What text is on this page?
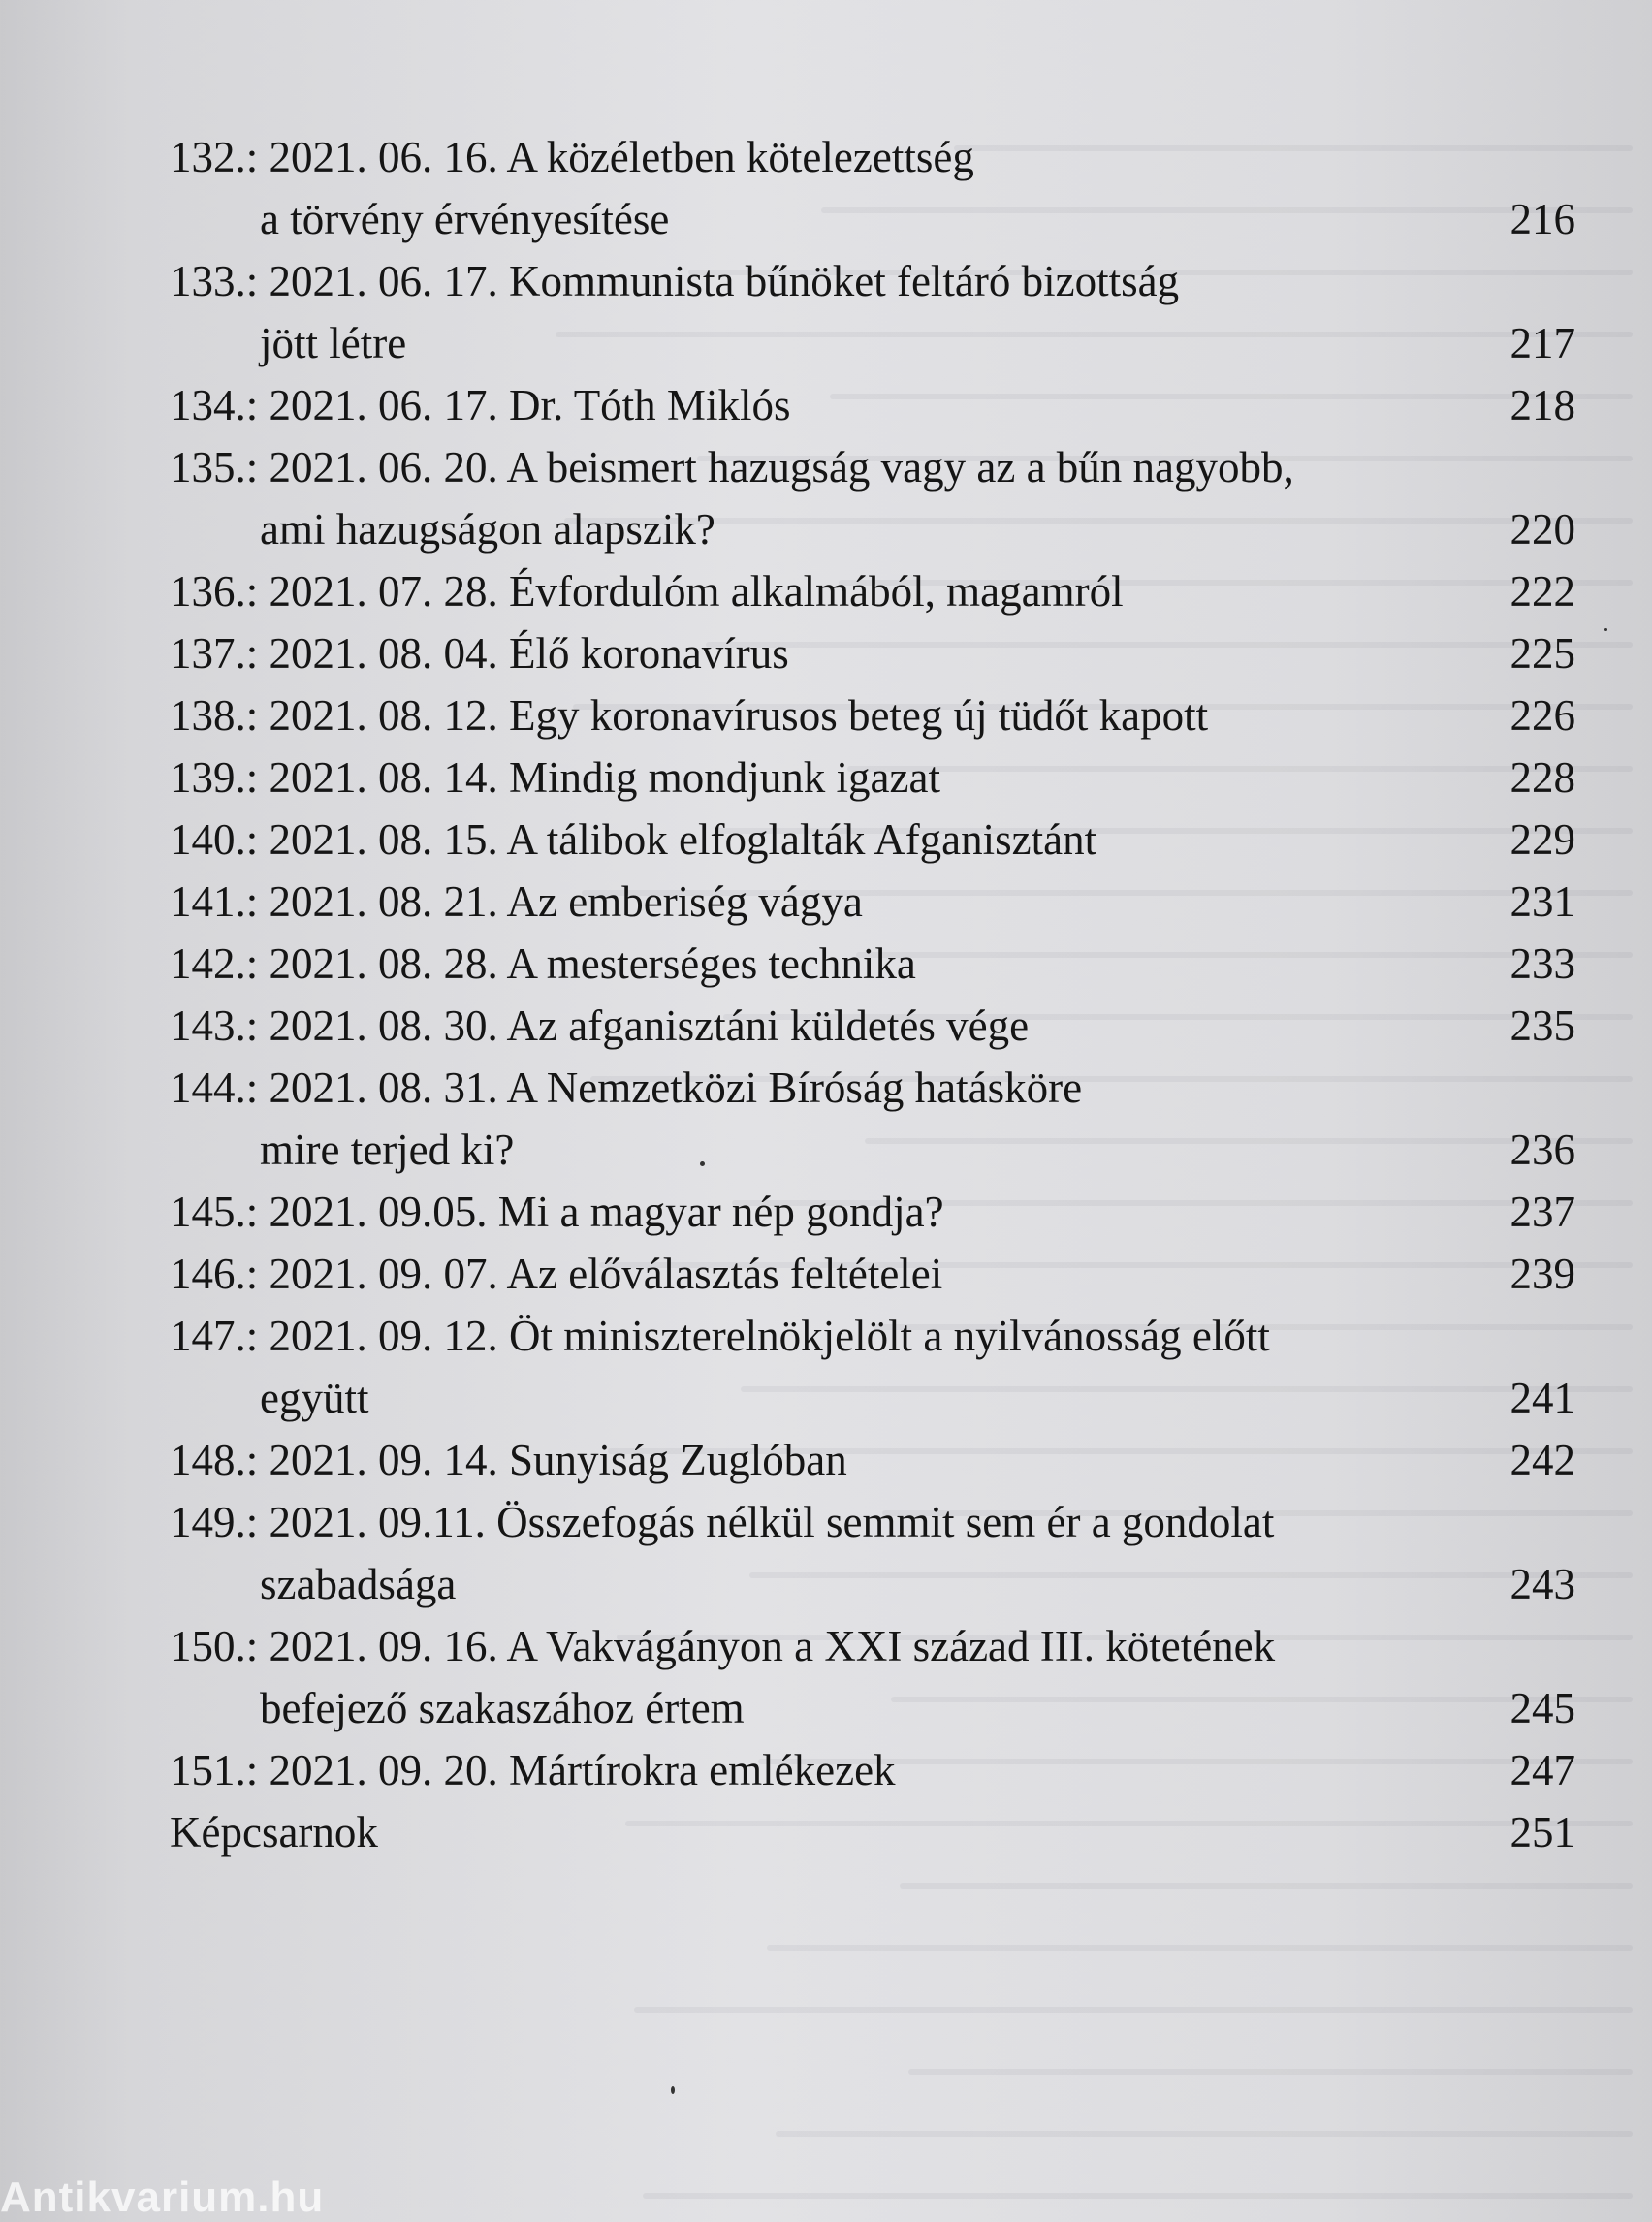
132.: 2021. 06. 16. A közéletben kötelezettség
a törvény érvényesítése	216
133.: 2021. 06. 17. Kommunista bűnöket feltáró bizottság
jött létre	217
134.: 2021. 06. 17. Dr. Tóth Miklós	218
135.: 2021. 06. 20. A beismert hazugság vagy az a bűn nagyobb,
ami hazugságon alapszik?	220
136.: 2021. 07. 28. Évfordulóm alkalmából, magamról	222
137.: 2021. 08. 04. Élő koronavírus	225
138.: 2021. 08. 12. Egy koronavírusos beteg új tüdőt kapott	226
139.: 2021. 08. 14. Mindig mondjunk igazat	228
140.: 2021. 08. 15. A tálibok elfoglalták Afganisztánt	229
141.: 2021. 08. 21. Az emberiség vágya	231
142.: 2021. 08. 28. A mesterséges technika	233
143.: 2021. 08. 30. Az afganisztáni küldetés vége	235
144.: 2021. 08. 31. A Nemzetközi Bíróság hatásköre
mire terjed ki?	236
145.: 2021. 09.05. Mi a magyar nép gondja?	237
146.: 2021. 09. 07. Az előválasztás feltételei	239
147.: 2021. 09. 12. Öt miniszterelnökjelölt a nyilvánosság előtt
együtt	241
148.: 2021. 09. 14. Sunyiság Zuglóban	242
149.: 2021. 09.11. Összefogás nélkül semmit sem ér a gondolat
szabadsága	243
150.: 2021. 09. 16. A Vakvágányon a XXI század III. kötetének
befejező szakaszához értem	245
151.: 2021. 09. 20. Mártírokra emlékezek	247
Képcsarnok	251
Antikvarium.hu
